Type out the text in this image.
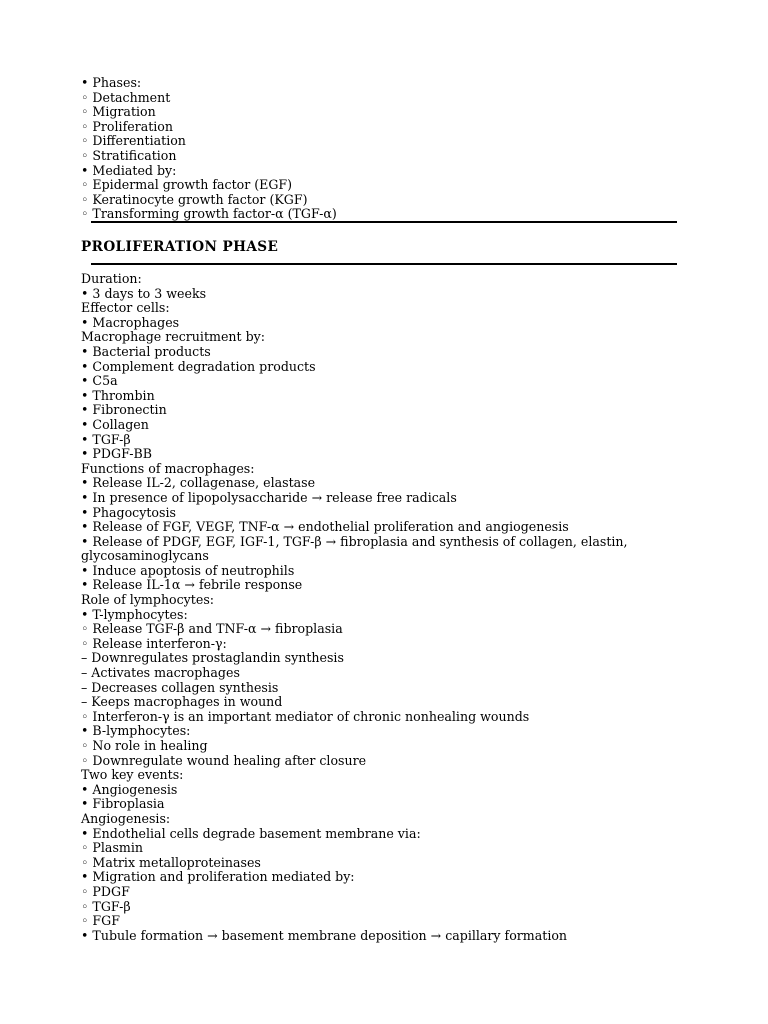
• Phases:
◦ Detachment
◦ Migration
◦ Proliferation
◦ Differentiation
◦ Stratification
• Mediated by:
◦ Epidermal growth factor (EGF)
◦ Keratinocyte growth factor (KGF)
◦ Transforming growth factor-α (TGF-α)
PROLIFERATION PHASE
Duration:
• 3 days to 3 weeks
Effector cells:
• Macrophages
Macrophage recruitment by:
• Bacterial products
• Complement degradation products
• C5a
• Thrombin
• Fibronectin
• Collagen
• TGF-β
• PDGF-BB
Functions of macrophages:
• Release IL-2, collagenase, elastase
• In presence of lipopolysaccharide → release free radicals
• Phagocytosis
• Release of FGF, VEGF, TNF-α → endothelial proliferation and angiogenesis
• Release of PDGF, EGF, IGF-1, TGF-β → fibroplasia and synthesis of collagen, elastin,
glycosaminoglycans
• Induce apoptosis of neutrophils
• Release IL-1α → febrile response
Role of lymphocytes:
• T-lymphocytes:
◦ Release TGF-β and TNF-α → fibroplasia
◦ Release interferon-γ:
– Downregulates prostaglandin synthesis
– Activates macrophages
– Decreases collagen synthesis
– Keeps macrophages in wound
◦ Interferon-γ is an important mediator of chronic nonhealing wounds
• B-lymphocytes:
◦ No role in healing
◦ Downregulate wound healing after closure
Two key events:
• Angiogenesis
• Fibroplasia
Angiogenesis:
• Endothelial cells degrade basement membrane via:
◦ Plasmin
◦ Matrix metalloproteinases
• Migration and proliferation mediated by:
◦ PDGF
◦ TGF-β
◦ FGF
• Tubule formation → basement membrane deposition → capillary formation
